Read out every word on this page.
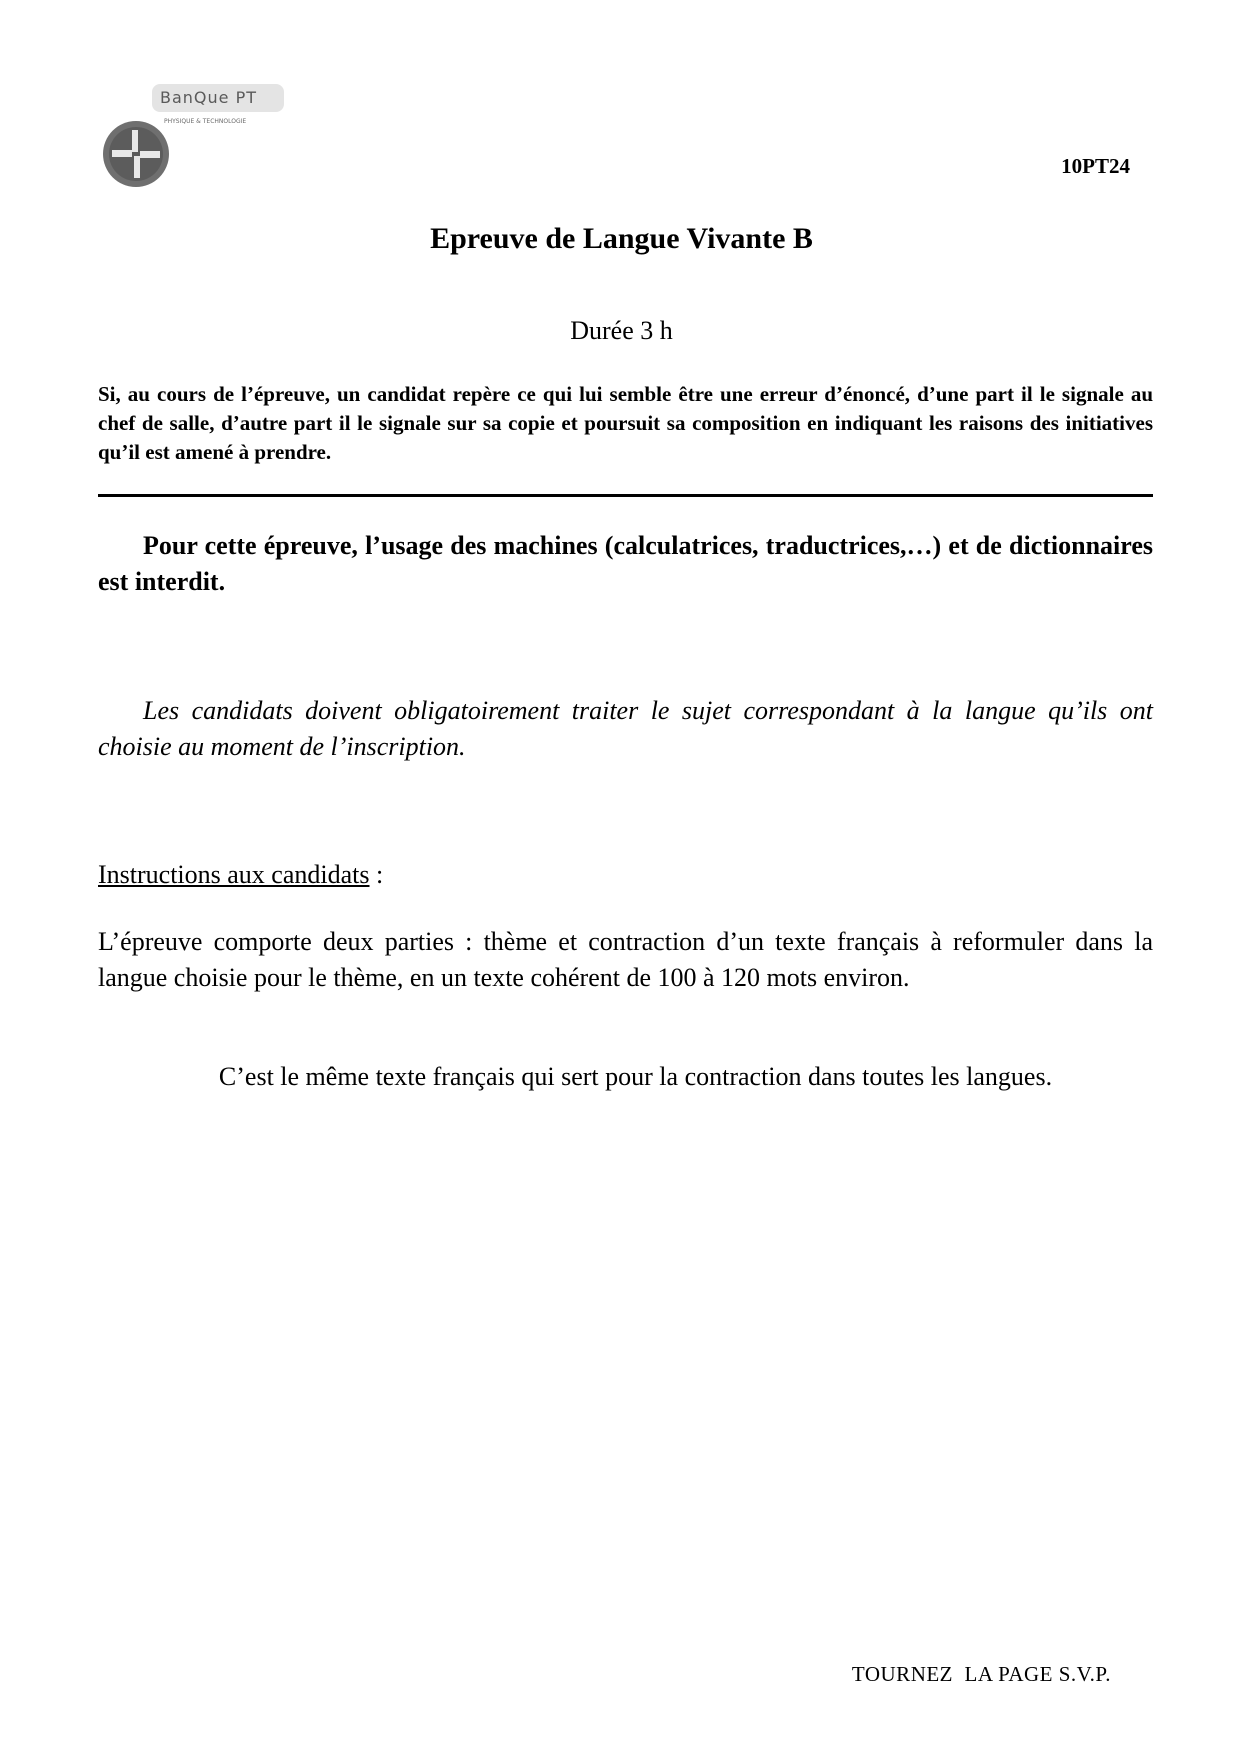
BanQue PT
PHYSIQUE & TECHNOLOGIE
10PT24
Epreuve de Langue Vivante B
Durée 3 h

Si, au cours de l’épreuve, un candidat repère ce qui lui semble être une erreur d’énoncé, d’une part il le signale au chef de salle, d’autre part il le signale sur sa copie et poursuit sa composition en indiquant les raisons des initiatives qu’il est amené à prendre.

Pour cette épreuve, l’usage des machines (calculatrices, traductrices,…) et de dictionnaires est interdit.

Les candidats doivent obligatoirement traiter le sujet correspondant à la langue qu’ils ont choisie au moment de l’inscription.

Instructions aux candidats :

L’épreuve comporte deux parties : thème et contraction d’un texte français à reformuler dans la langue choisie pour le thème, en un texte cohérent de 100 à 120 mots environ.

C’est le même texte français qui sert pour la contraction dans toutes les langues.

TOURNEZ  LA PAGE S.V.P.
